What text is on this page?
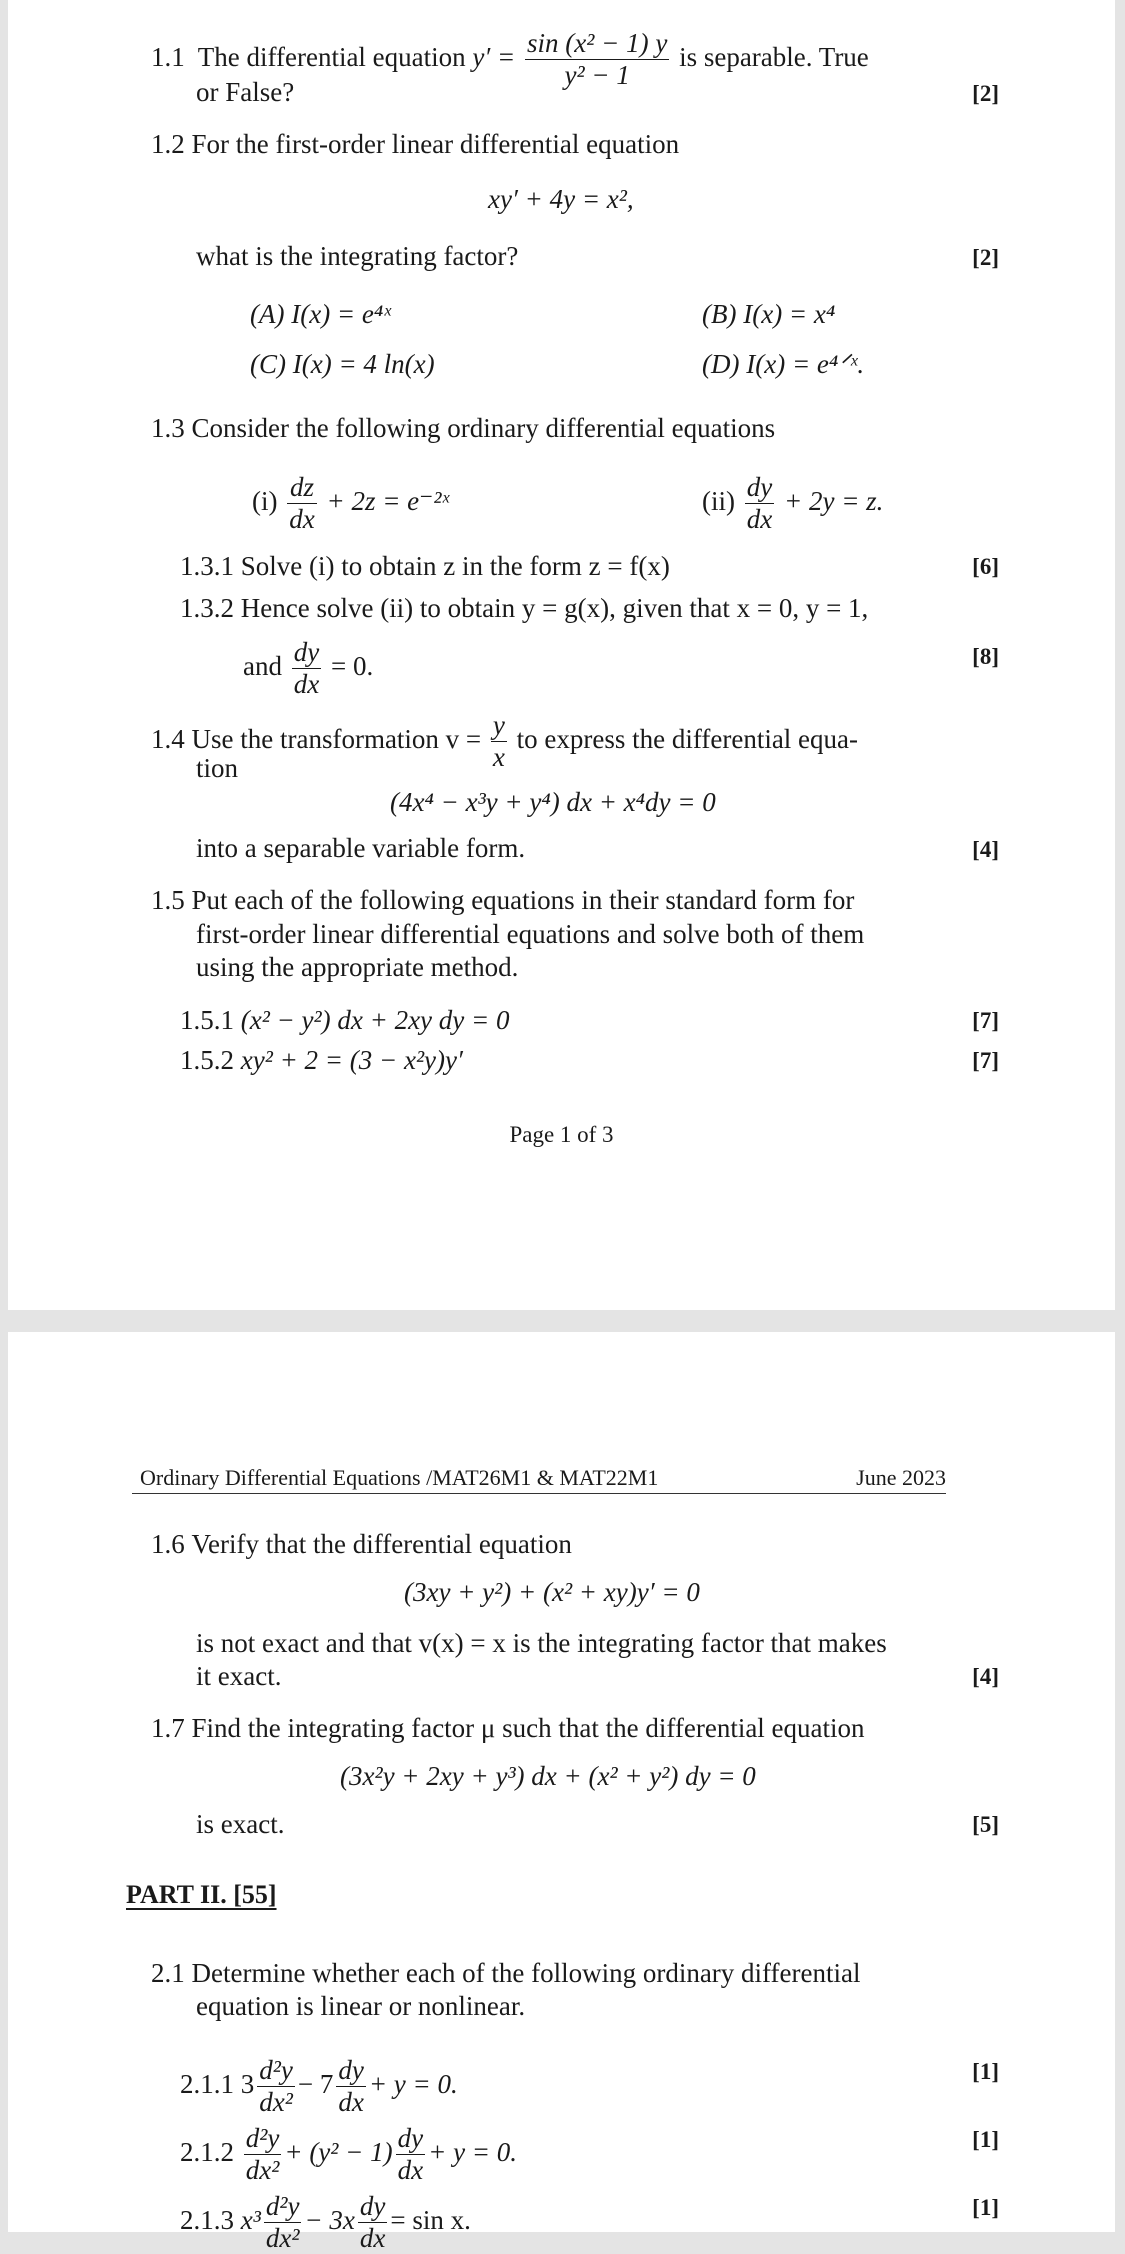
Page 1 of 3
1.1 The differential equation $y' = \frac{\text{sin (x² − 1) y}}{\text{y² − 1}}$ is separable. True
or False?	[2]
1.2 For the first-order linear differential equation
xy′ + 4y = x²,
what is the integrating factor?	[2]
(A) I(x) = e⁴ˣ	(B) I(x) = x⁴
(C) I(x) = 4 ln(x)	(D) I(x) = e⁴ᐟˣ.
1.3 Consider the following ordinary differential equations
$(i) \frac{dz}{dx} + 2z$ = e⁻²ˣ	$(ii) \frac{dy}{dx} + 2y = z$.
1.3.1 Solve (i) to obtain z in the form z = f(x)	[6]
1.3.2 Hence solve (ii) to obtain y = g(x), given that x = 0, y = 1,
and $\frac{dy}{dx} = 0$.	[8]
1.4 Use the transformation $v = \frac{y}{x}$ to express the differential equa-
tion
(4x⁴ − x³y + y⁴) dx + x⁴dy = 0
into a separable variable form.	[4]
1.5 Put each of the following equations in their standard form for
first-order linear differential equations and solve both of them
using the appropriate method.
1.5.1 (x² − y²) dx + 2xy dy = 0	[7]
1.5.2 xy² + 2 = (3 − x²y)y′	[7]
Ordinary Differential Equations /MAT26M1 & MAT22M1	June 2023
1.6 Verify that the differential equation
(3xy + y²) + (x² + xy)y′ = 0
is not exact and that v(x) = x is the integrating factor that makes
it exact.	[4]
1.7 Find the integrating factor μ such that the differential equation
(3x²y + 2xy + y³) dx + (x² + y²) dy = 0
is exact.	[5]
PART II. [55]
2.1 Determine whether each of the following ordinary differential
equation is linear or nonlinear.
2.1.1 $3 \frac{\text{d²y}}{\text{dx²}} - 7 \frac{dy}{dx} + y = 0$.	[1]
$2.1.2 \frac{\text{d²y}}{\text{dx²}} + (y^2 - 1) \frac{dy}{dx} + y = 0$.	[1]
2.1.3 $x^3 \frac{\text{d²y}}{\text{dx²}} - 3x \frac{dy}{dx} = \sin x$.	[1]
